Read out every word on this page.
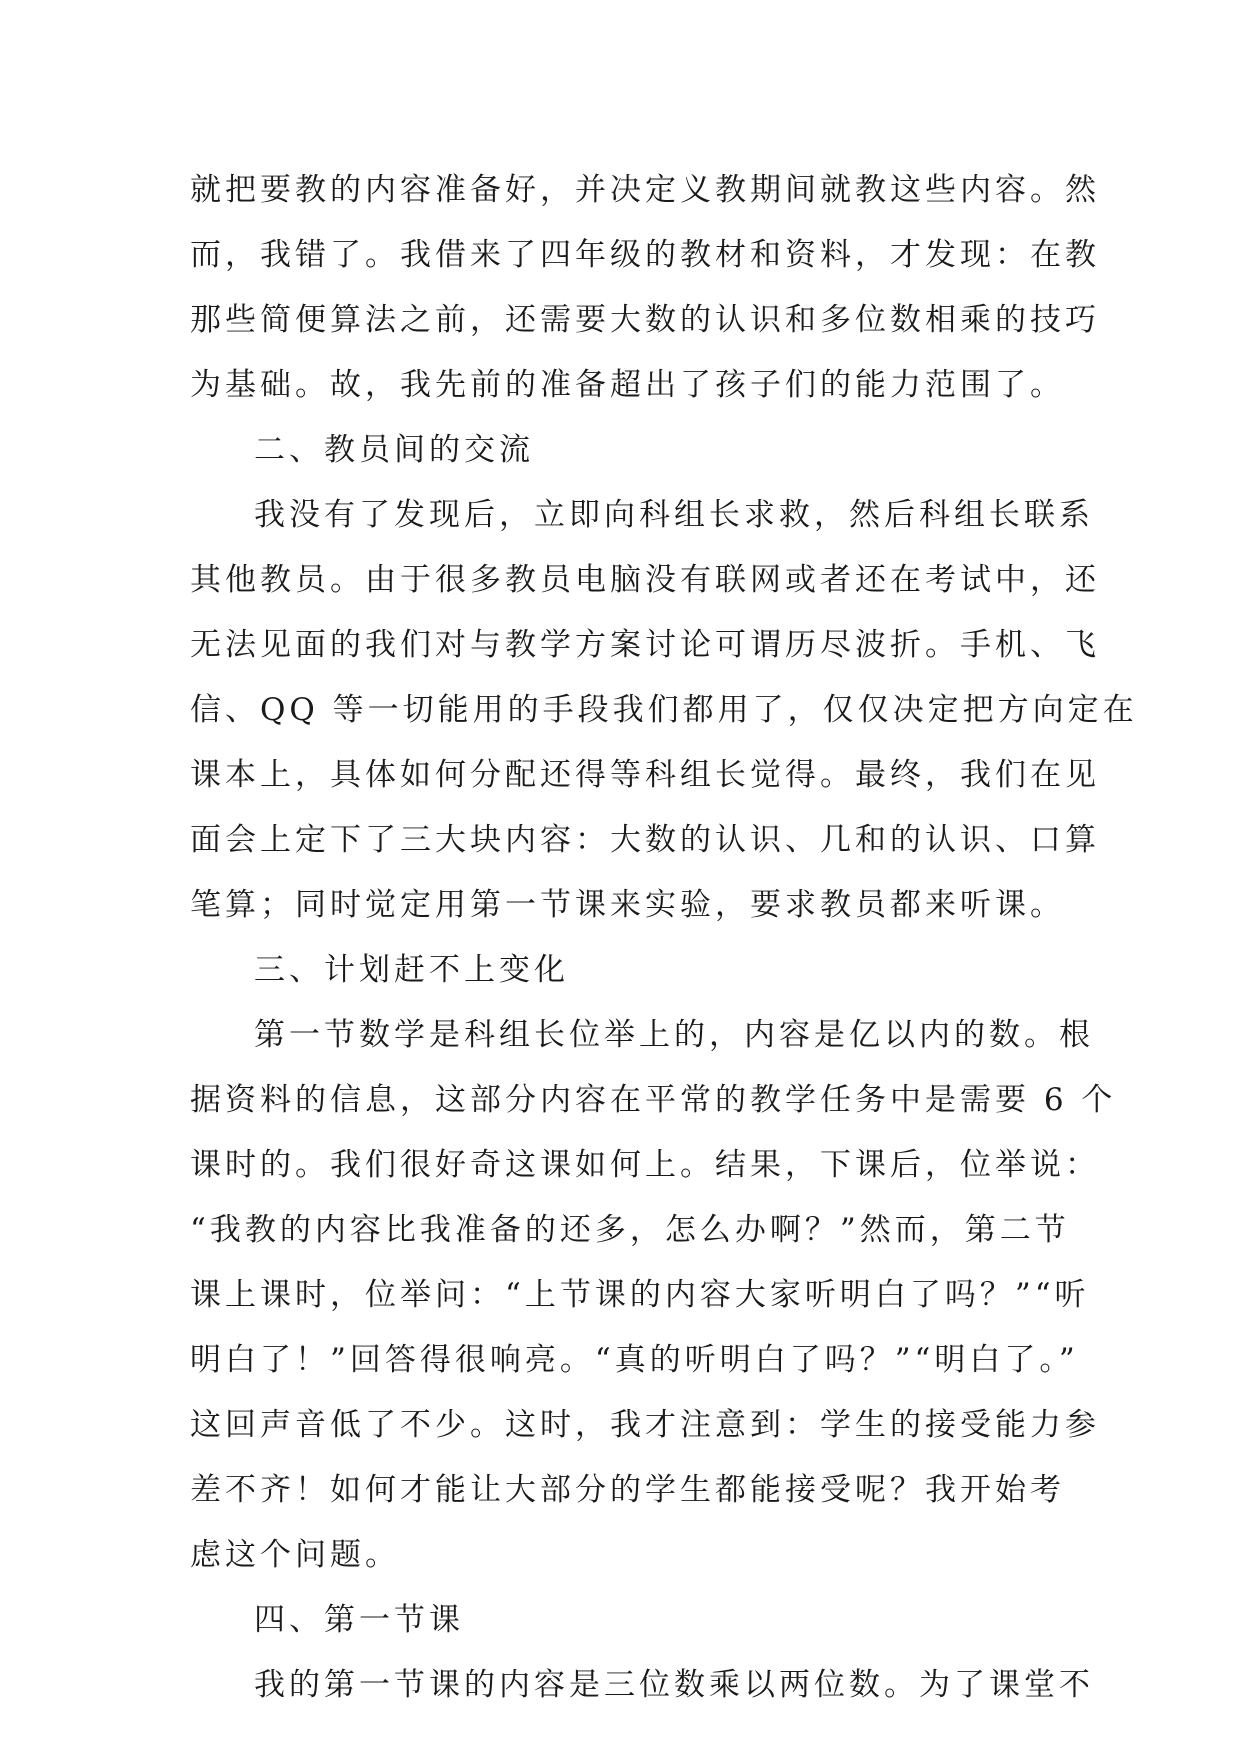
就把要教的内容准备好，并决定义教期间就教这些内容。然
而，我错了。我借来了四年级的教材和资料，才发现：在教
那些简便算法之前，还需要大数的认识和多位数相乘的技巧
为基础。故，我先前的准备超出了孩子们的能力范围了。
二、教员间的交流
我没有了发现后，立即向科组长求救，然后科组长联系
其他教员。由于很多教员电脑没有联网或者还在考试中，还
无法见面的我们对与教学方案讨论可谓历尽波折。手机、飞
信、QQ 等一切能用的手段我们都用了，仅仅决定把方向定在
课本上，具体如何分配还得等科组长觉得。最终，我们在见
面会上定下了三大块内容：大数的认识、几和的认识、口算
笔算；同时觉定用第一节课来实验，要求教员都来听课。
三、计划赶不上变化
第一节数学是科组长位举上的，内容是亿以内的数。根
据资料的信息，这部分内容在平常的教学任务中是需要 6 个
课时的。我们很好奇这课如何上。结果，下课后，位举说：
“我教的内容比我准备的还多，怎么办啊？”然而，第二节
课上课时，位举问：“上节课的内容大家听明白了吗？”“听
明白了！”回答得很响亮。“真的听明白了吗？”“明白了。”
这回声音低了不少。这时，我才注意到：学生的接受能力参
差不齐！如何才能让大部分的学生都能接受呢？我开始考
虑这个问题。
四、第一节课
我的第一节课的内容是三位数乘以两位数。为了课堂不
